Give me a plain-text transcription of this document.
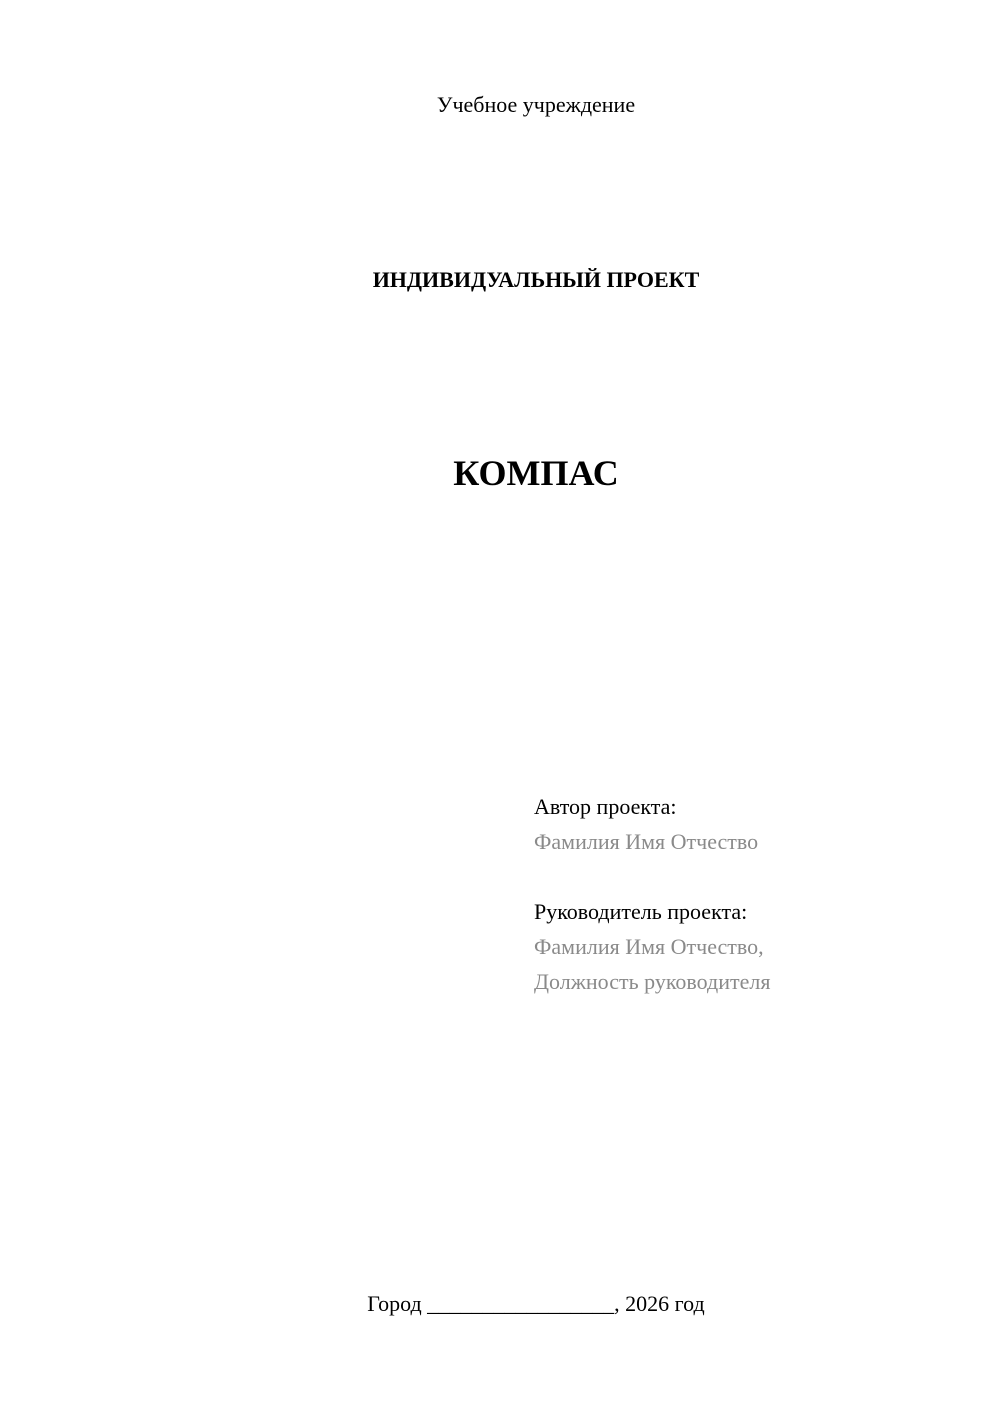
Учебное учреждение
ИНДИВИДУАЛЬНЫЙ ПРОЕКТ
КОМПАС
Автор проекта:
Фамилия Имя Отчество
Руководитель проекта:
Фамилия Имя Отчество,
Должность руководителя
Город _________________, 2026 год
